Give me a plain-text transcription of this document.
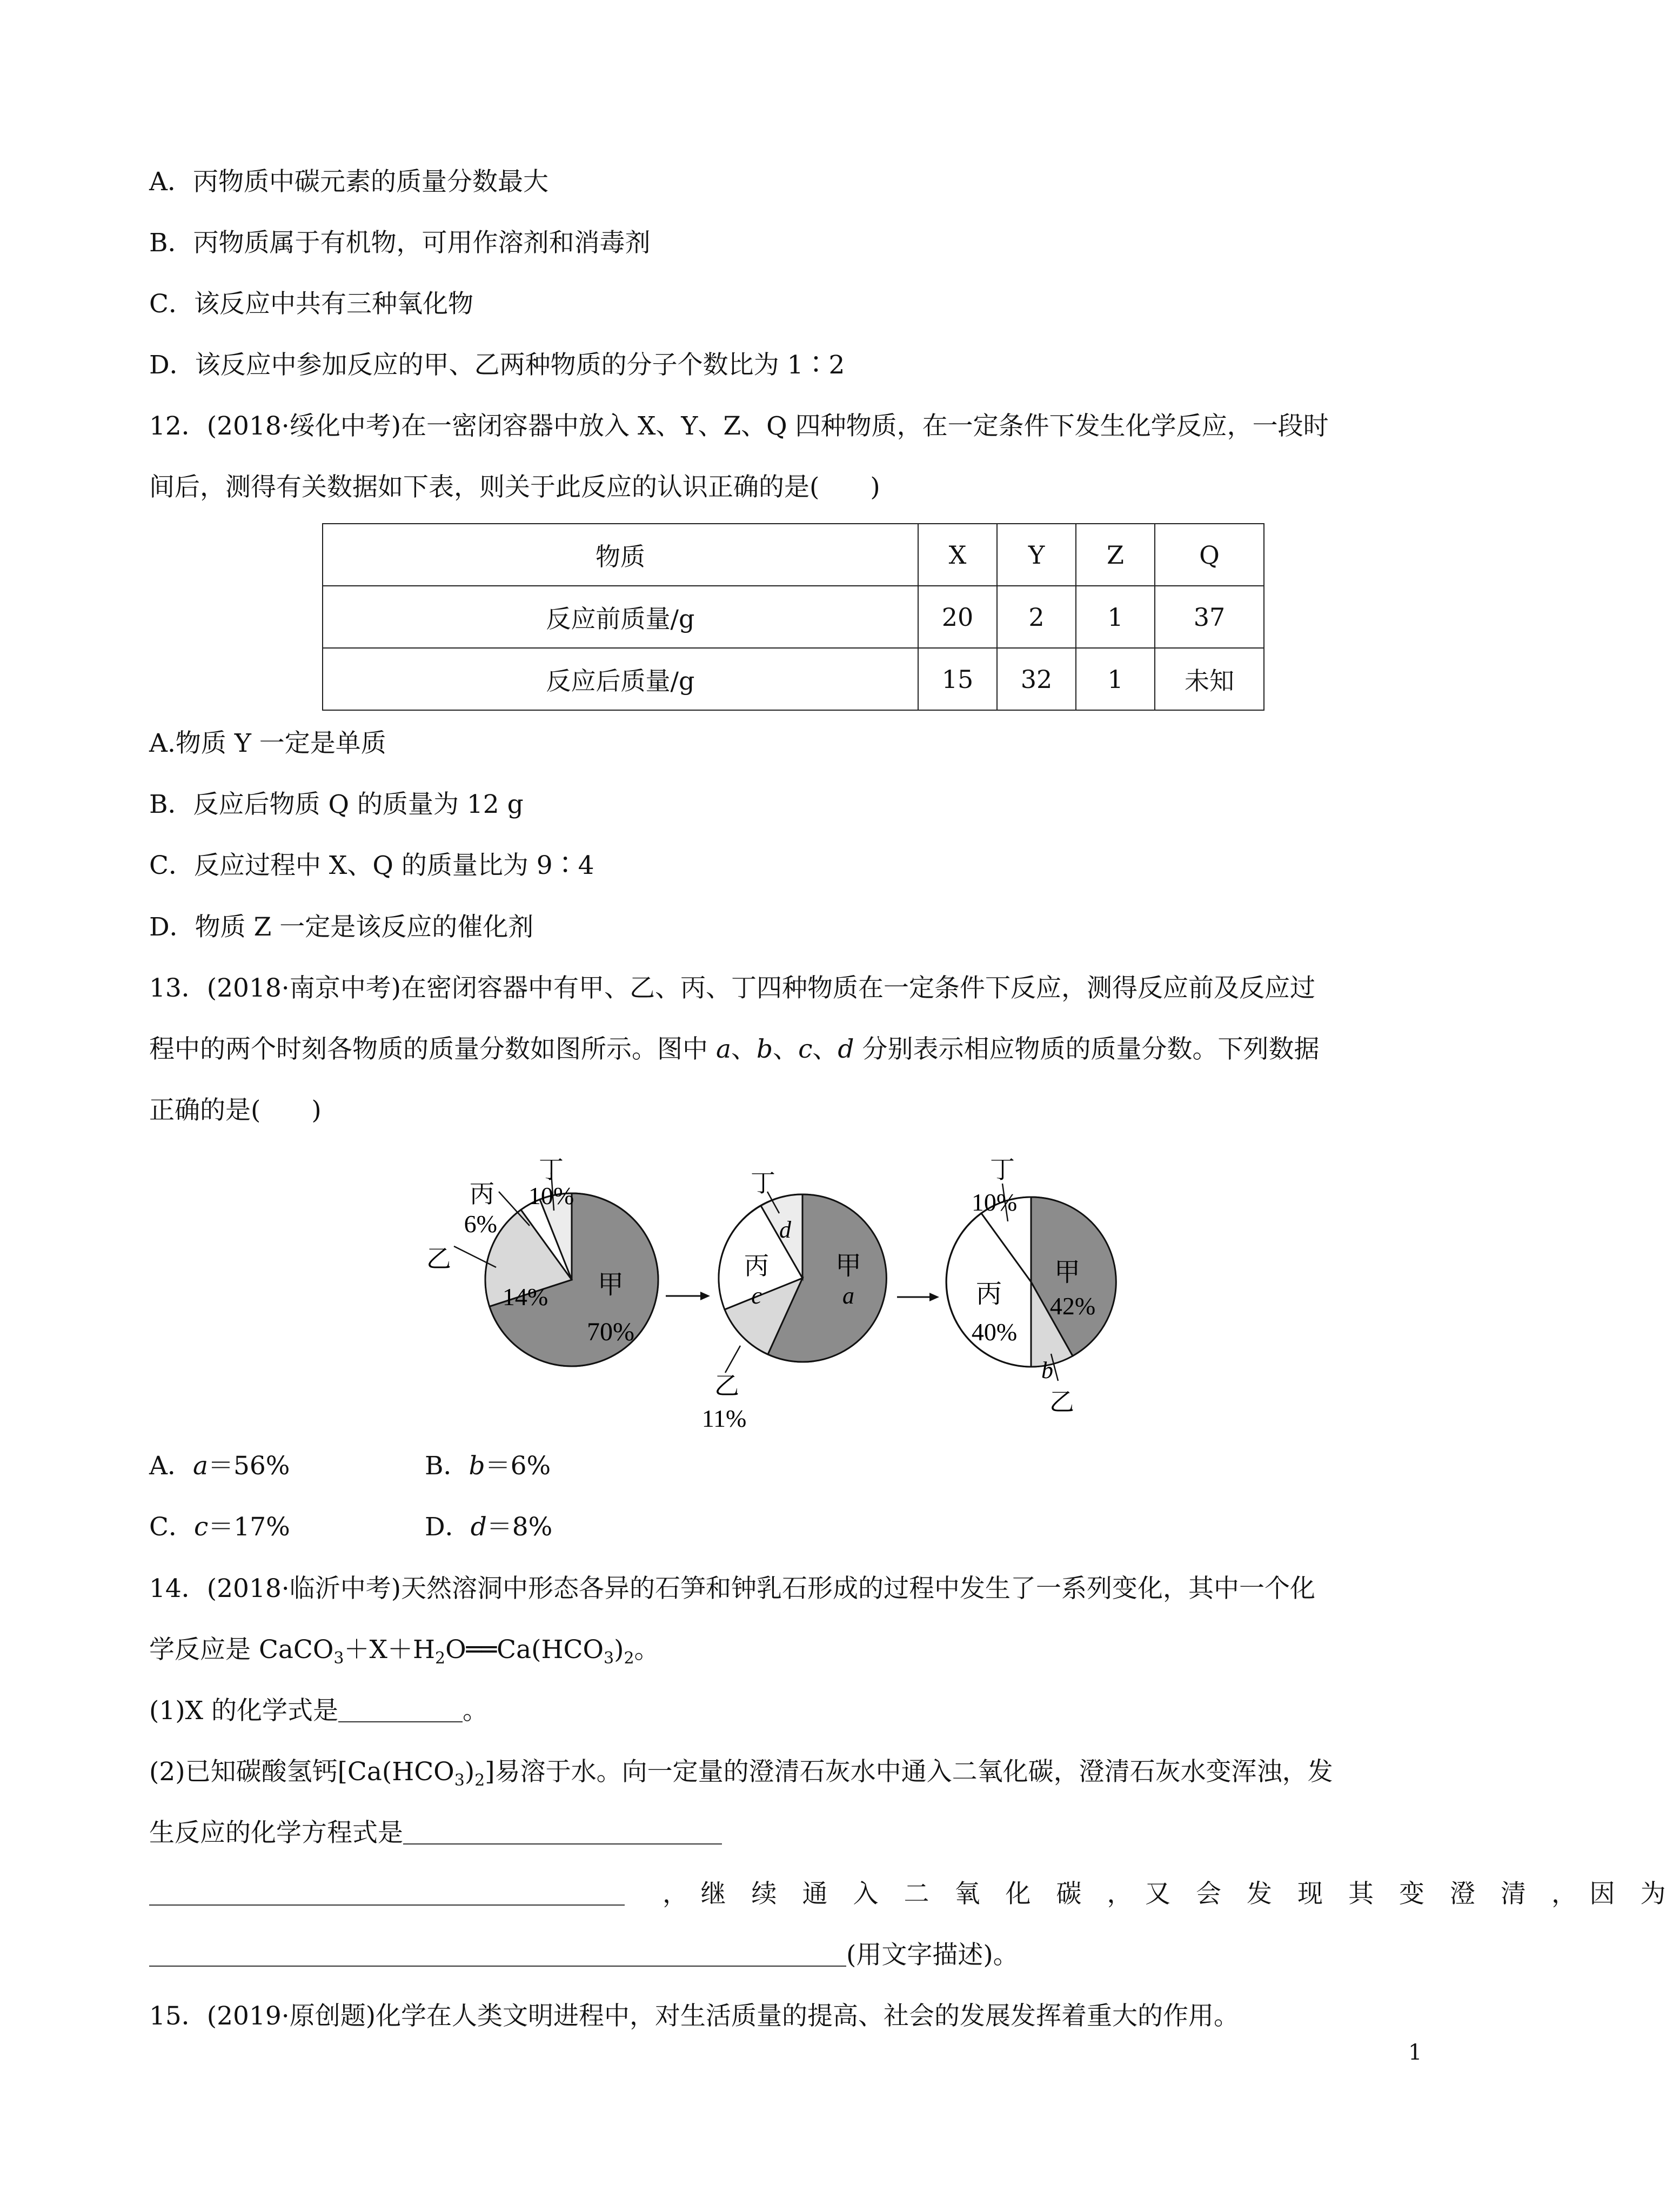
A．丙物质中碳元素的质量分数最大
B．丙物质属于有机物，可用作溶剂和消毒剂
C．该反应中共有三种氧化物
D．该反应中参加反应的甲、乙两种物质的分子个数比为 1∶2
12．(2018·绥化中考)在一密闭容器中放入 X、Y、Z、Q 四种物质，在一定条件下发生化学反应，一段时
间后，测得有关数据如下表，则关于此反应的认识正确的是(　　)
物质	X	Y	Z	Q
反应前质量/g	20	2	1	37
反应后质量/g	15	32	1	未知
A.物质 Y 一定是单质
B．反应后物质 Q 的质量为 12 g
C．反应过程中 X、Q 的质量比为 9∶4
D．物质 Z 一定是该反应的催化剂
13．(2018·南京中考)在密闭容器中有甲、乙、丙、丁四种物质在一定条件下反应，测得反应前及反应过
程中的两个时刻各物质的质量分数如图所示。图中 a、b、c、d 分别表示相应物质的质量分数。下列数据
正确的是(　　)
丁
10%
丙
6%
乙
14% 甲
70%
丁
d
丙
c
甲
a
乙
11%
丁
10%
丙
40%
甲
42%
b
乙
A．a＝56%	B．b＝6%
C．c＝17%	D．d＝8%
14．(2018·临沂中考)天然溶洞中形态各异的石笋和钟乳石形成的过程中发生了一系列变化，其中一个化
学反应是 $CaCO_3+X+H_2O══Ca(HCO_3)_2$。
(1)X 的化学式是	。
(2)已知碳酸氢钙$[Ca(HCO_3)_2]$易溶于水。向一定量的澄清石灰水中通入二氧化碳，澄清石灰水变浑浊，发
生反应的化学方程式是
，　继　续　通　入　二　氧　化　碳　，　又　会　发　现　其　变　澄　清　，　因　为
(用文字描述)。
15．(2019·原创题)化学在人类文明进程中，对生活质量的提高、社会的发展发挥着重大的作用。
1
